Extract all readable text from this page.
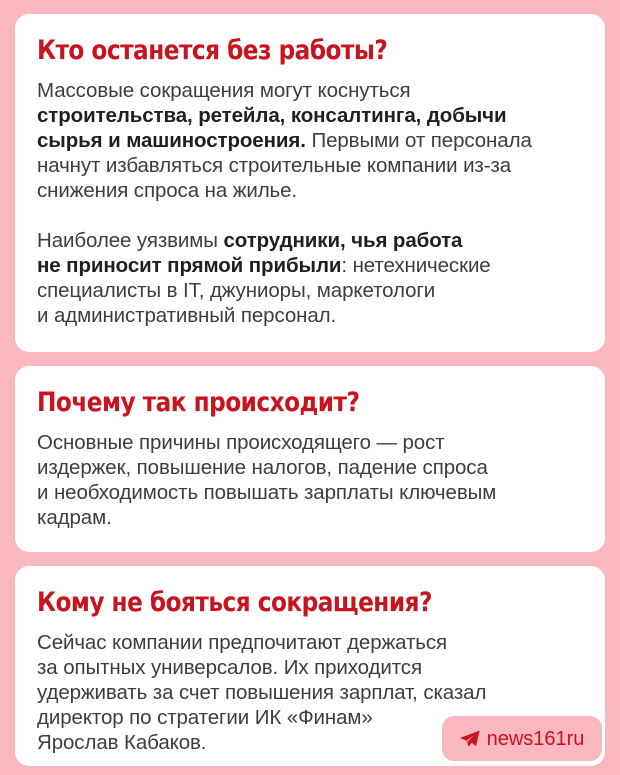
Кто останется без работы?

Массовые сокращения могут коснуться
строительства, ретейла, консалтинга, добычи
сырья и машиностроения. Первыми от персонала
начнут избавляться строительные компании из-за
снижения спроса на жилье.

Наиболее уязвимы сотрудники, чья работа
не приносит прямой прибыли: нетехнические
специалисты в IT, джуниоры, маркетологи
и административный персонал.

Почему так происходит?

Основные причины происходящего — рост
издержек, повышение налогов, падение спроса
и необходимость повышать зарплаты ключевым
кадрам.

Кому не бояться сокращения?

Сейчас компании предпочитают держаться
за опытных универсалов. Их приходится
удерживать за счет повышения зарплат, сказал
директор по стратегии ИК «Финам»
Ярослав Кабаков.	news161ru
